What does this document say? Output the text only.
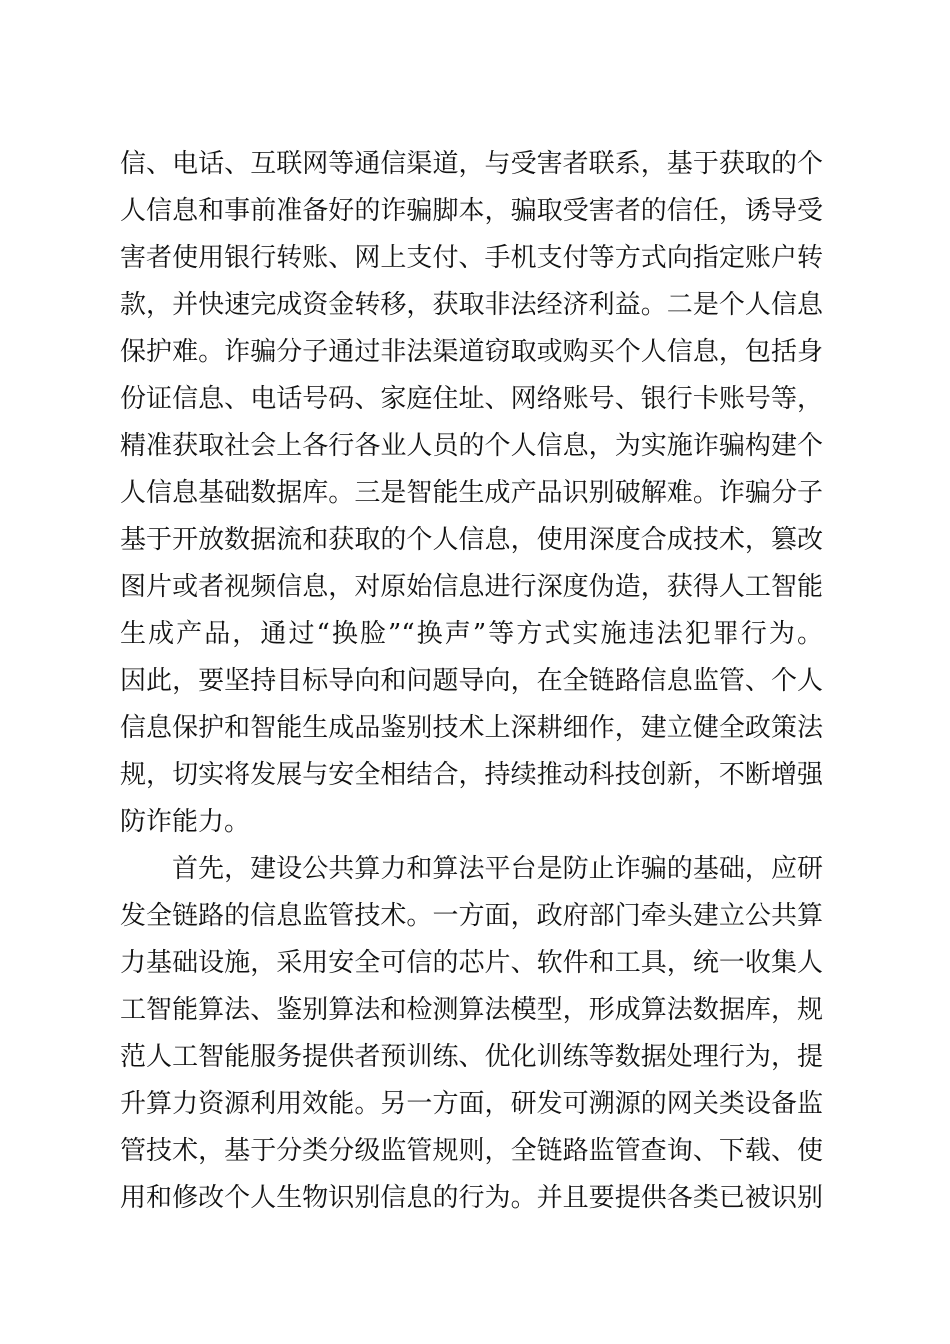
信、电话、互联网等通信渠道，与受害者联系，基于获取的个
人信息和事前准备好的诈骗脚本，骗取受害者的信任，诱导受
害者使用银行转账、网上支付、手机支付等方式向指定账户转
款，并快速完成资金转移，获取非法经济利益。二是个人信息
保护难。诈骗分子通过非法渠道窃取或购买个人信息，包括身
份证信息、电话号码、家庭住址、网络账号、银行卡账号等，
精准获取社会上各行各业人员的个人信息，为实施诈骗构建个
人信息基础数据库。三是智能生成产品识别破解难。诈骗分子
基于开放数据流和获取的个人信息，使用深度合成技术，篡改
图片或者视频信息，对原始信息进行深度伪造，获得人工智能
生成产品，通过“换脸”“换声”等方式实施违法犯罪行为。
因此，要坚持目标导向和问题导向，在全链路信息监管、个人
信息保护和智能生成品鉴别技术上深耕细作，建立健全政策法
规，切实将发展与安全相结合，持续推动科技创新，不断增强
防诈能力。
首先，建设公共算力和算法平台是防止诈骗的基础，应研
发全链路的信息监管技术。一方面，政府部门牵头建立公共算
力基础设施，采用安全可信的芯片、软件和工具，统一收集人
工智能算法、鉴别算法和检测算法模型，形成算法数据库，规
范人工智能服务提供者预训练、优化训练等数据处理行为，提
升算力资源利用效能。另一方面，研发可溯源的网关类设备监
管技术，基于分类分级监管规则，全链路监管查询、下载、使
用和修改个人生物识别信息的行为。并且要提供各类已被识别
